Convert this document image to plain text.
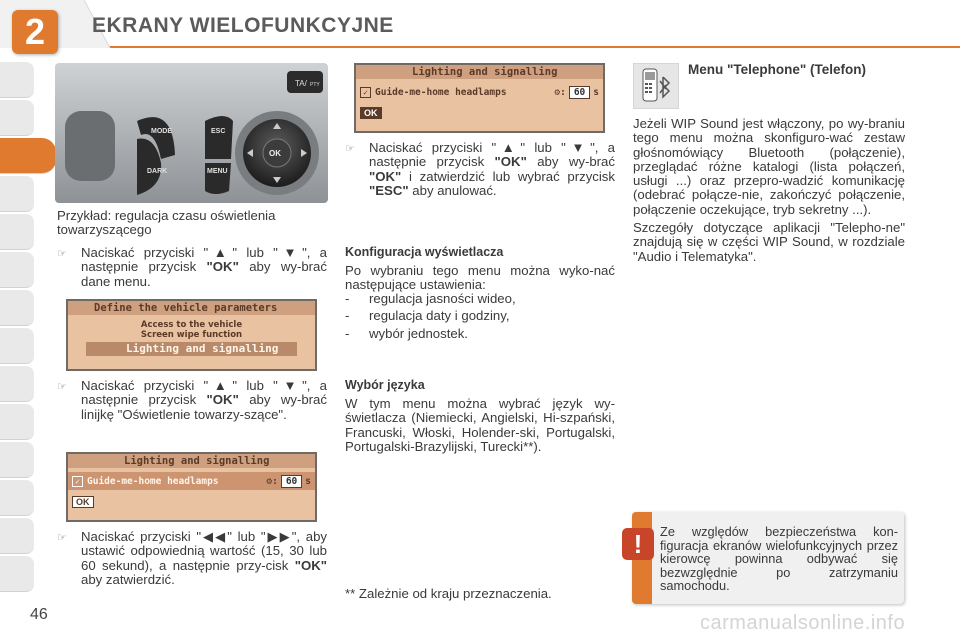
2	EKRANY WIELOFUNKCYJNE
TA/ PTY
MODE
DARK
ESC
MENU
OK
Przykład: regulacja czasu oświetlenia towarzyszącego
☞ Naciskać przyciski "▲" lub "▼", a następnie przycisk "OK" aby wy-brać dane menu.
Define the vehicle parameters
Access to the vehicle
Screen wipe function
Lighting and signalling
☞ Naciskać przyciski "▲" lub "▼", a następnie przycisk "OK" aby wy-brać linijkę "Oświetlenie towarzy-szące".
Lighting and signalling
✓ Guide-me-home headlamps	⚙: 60 s
OK
☞ Naciskać przyciski "◀◀" lub "▶▶", aby ustawić odpowiednią wartość (15, 30 lub 60 sekund), a następnie przy-cisk "OK" aby zatwierdzić.
46
Lighting and signalling
✓ Guide-me-home headlamps	⚙: 60 s
OK
☞ Naciskać przyciski "▲" lub "▼", a następnie przycisk "OK" aby wy-brać "OK" i zatwierdzić lub wybrać przycisk "ESC" aby anulować.
Konfiguracja wyświetlacza
Po wybraniu tego menu można wyko-nać następujące ustawienia:
- regulacja jasności wideo,
- regulacja daty i godziny,
- wybór jednostek.
Wybór języka
W tym menu można wybrać język wy-świetlacza (Niemiecki, Angielski, Hi-szpański, Francuski, Włoski, Holender-ski, Portugalski, Portugalski-Brazylijski, Turecki**).
** Zależnie od kraju przeznaczenia.
Menu "Telephone" (Telefon)
Jeżeli WIP Sound jest włączony, po wy-braniu tego menu można skonfiguro-wać zestaw głośnomówiący Bluetooth (połączenie), przeglądać różne katalogi (lista połączeń, usługi ...) oraz przepro-wadzić komunikację (odebrać połącze-nie, zakończyć połączenie, połączenie oczekujące, tryb sekretny ...).
Szczegóły dotyczące aplikacji "Telepho-ne" znajdują się w części WIP Sound, w rozdziale "Audio i Telematyka".
!	Ze względów bezpieczeństwa kon-figuracja ekranów wielofunkcyjnych przez kierowcę powinna odbywać się bezwzględnie po zatrzymaniu samochodu.
carmanualsonline.info
